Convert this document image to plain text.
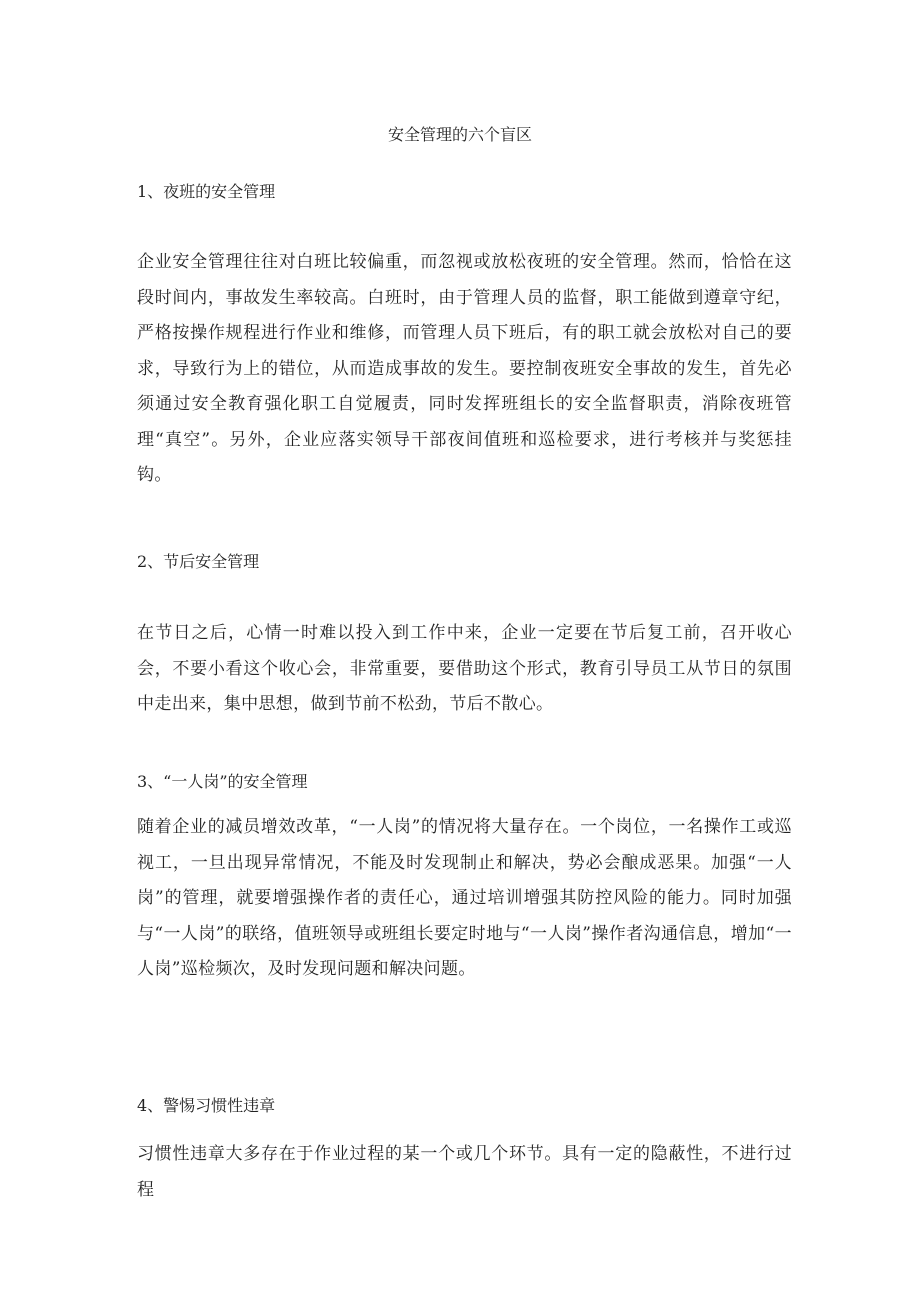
安全管理的六个盲区
1、夜班的安全管理

企业安全管理往往对白班比较偏重，而忽视或放松夜班的安全管理。然而，恰恰在这段时间内，事故发生率较高。白班时，由于管理人员的监督，职工能做到遵章守纪，严格按操作规程进行作业和维修，而管理人员下班后，有的职工就会放松对自己的要求，导致行为上的错位，从而造成事故的发生。要控制夜班安全事故的发生，首先必须通过安全教育强化职工自觉履责，同时发挥班组长的安全监督职责，消除夜班管理“真空”。另外，企业应落实领导干部夜间值班和巡检要求，进行考核并与奖惩挂钩。

2、节后安全管理

在节日之后，心情一时难以投入到工作中来，企业一定要在节后复工前，召开收心会，不要小看这个收心会，非常重要，要借助这个形式，教育引导员工从节日的氛围中走出来，集中思想，做到节前不松劲，节后不散心。

3、“一人岗”的安全管理

随着企业的减员增效改革，“一人岗”的情况将大量存在。一个岗位，一名操作工或巡视工，一旦出现异常情况，不能及时发现制止和解决，势必会酿成恶果。加强“一人岗”的管理，就要增强操作者的责任心，通过培训增强其防控风险的能力。同时加强与“一人岗”的联络，值班领导或班组长要定时地与“一人岗”操作者沟通信息，增加“一人岗”巡检频次，及时发现问题和解决问题。

4、警惕习惯性违章

习惯性违章大多存在于作业过程的某一个或几个环节。具有一定的隐蔽性，不进行过程
